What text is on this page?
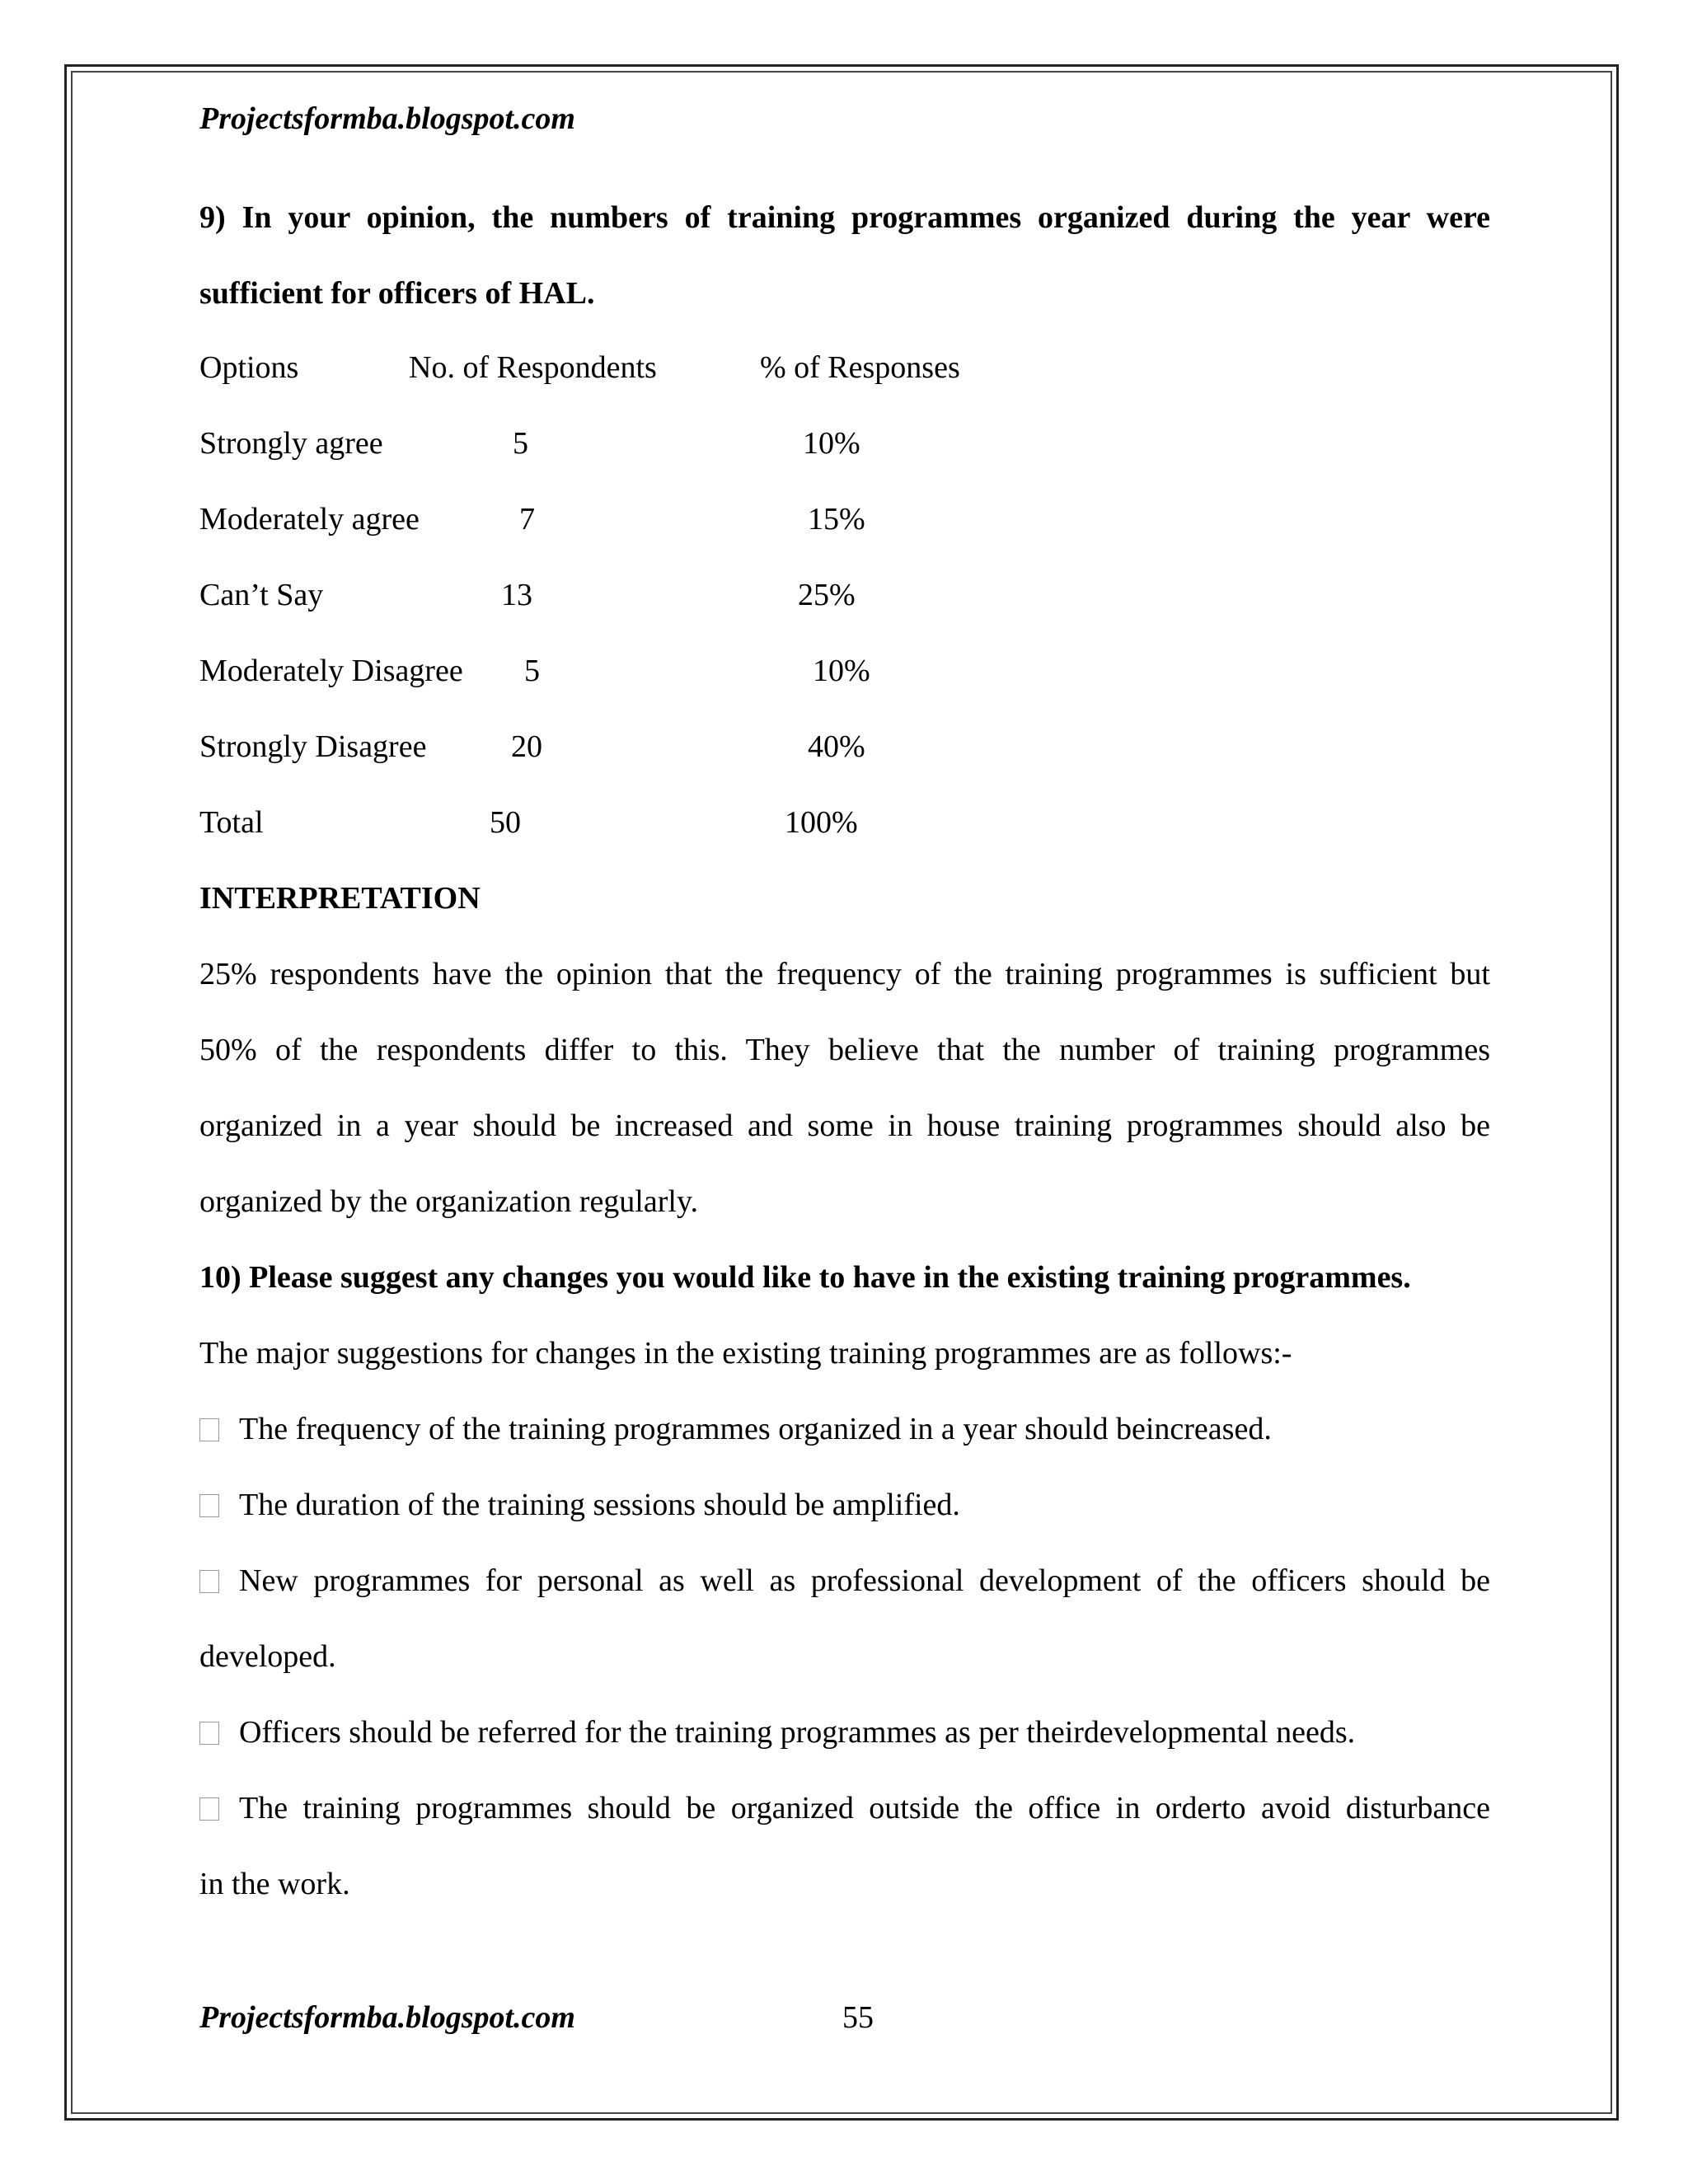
Projectsformba.blogspot.com
9) In your opinion, the numbers of training programmes organized during the year were
sufficient for officers of HAL.
Options	No. of Respondents	% of Responses
Strongly agree	5	10%
Moderately agree	7	15%
Can’t Say	13	25%
Moderately Disagree 5	10%
Strongly Disagree	20	40%
Total	50	100%
INTERPRETATION
25% respondents have the opinion that the frequency of the training programmes is sufficient but
50% of the respondents differ to this. They believe that the number of training programmes
organized in a year should be increased and some in house training programmes should also be
organized by the organization regularly.
10) Please suggest any changes you would like to have in the existing training programmes.
The major suggestions for changes in the existing training programmes are as follows:-
The frequency of the training programmes organized in a year should beincreased.
The duration of the training sessions should be amplified.
New programmes for personal as well as professional development of the officers should be
developed.
Officers should be referred for the training programmes as per theirdevelopmental needs.
The training programmes should be organized outside the office in orderto avoid disturbance
in the work.
Projectsformba.blogspot.com	55
